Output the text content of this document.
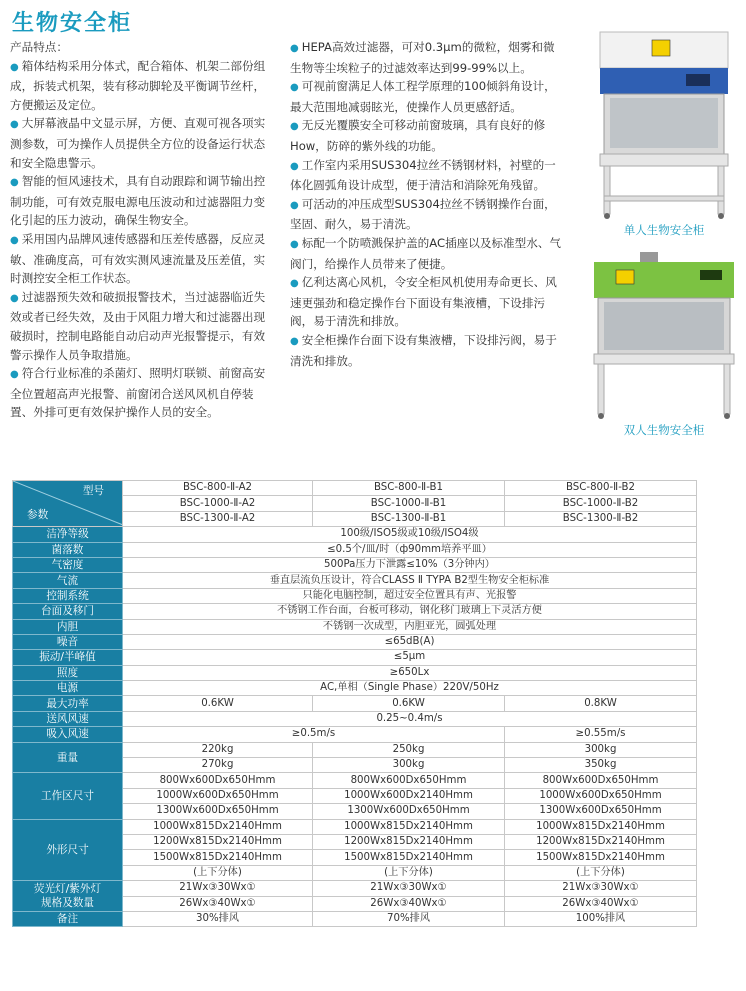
生物安全柜
产品特点：
● 箱体结构采用分体式，配合箱体、机架二部份组成，拆装式机架，装有移动脚轮及平衡调节丝杆，方便搬运及定位。
● 大屏幕液晶中文显示屏，方便、直观可视各项实测参数，可为操作人员提供全方位的设备运行状态和安全隐患警示。
● 智能的恒风速技术，具有自动跟踪和调节输出控制功能，可有效克服电源电压波动和过滤器阻力变化引起的压力波动，确保生物安全。
● 采用国内品牌风速传感器和压差传感器，反应灵敏、准确度高，可有效实测风速流量及压差值，实时测控安全柜工作状态。
● 过滤器预失效和破损报警技术，当过滤器临近失效或者已经失效，及由于风阻力增大和过滤器出现破损时，控制电路能自动启动声光报警提示，有效警示操作人员争取措施。
● 符合行业标准的杀菌灯、照明灯联锁、前窗高安全位置超高声光报警、前窗闭合送风风机自停装置、外排可更有效保护操作人员的安全。
● HEPA高效过滤器，可对0.3μm的微粒，烟雾和微生物等尘埃粒子的过滤效率达到99-99%以上。
● 可视前窗满足人体工程学原理的100倾斜角设计，最大范围地减弱眩光，使操作人员更感舒适。
● 无反光覆膜安全可移动前窗玻璃，具有良好的修How，防碎的紫外线的功能。
● 工作室内采用SUS304拉丝不锈钢材料，衬壁的一体化圆弧角设计成型，便于清洁和消除死角残留。
● 可活动的冲压成型SUS304拉丝不锈钢操作台面，坚固、耐久，易于清洗。
● 标配一个防喷溅保护盖的AC插座以及标准型水、气阀门，给操作人员带来了便捷。
● 亿利达离心风机，令安全柜风机使用寿命更长、风速更强劲和稳定操作台下面设有集液槽，下设排污阀，易于清洗和排放。
● 安全柜操作台面下设有集液槽，下设排污阀，易于清洗和排放。
单人生物安全柜
双人生物安全柜
型号
参数	BSC-800-Ⅱ-A2	BSC-800-Ⅱ-B1	BSC-800-Ⅱ-B2
	BSC-1000-Ⅱ-A2	BSC-1000-Ⅱ-B1	BSC-1000-Ⅱ-B2
	BSC-1300-Ⅱ-A2	BSC-1300-Ⅱ-B1	BSC-1300-Ⅱ-B2
洁净等级	100级/ISO5级或10级/ISO4级		
菌落数	≤0.5个/皿/时（ф90mm培养平皿）		
气密度	500Pa压力下泄露≤10%（3分钟内）		
气流	垂直层流负压设计，符合CLASS Ⅱ TYPA B2型生物安全柜标准		
控制系统	只能化电脑控制，超过安全位置具有声、光报警		
台面及移门	不锈钢工作台面，台板可移动，钢化移门玻璃上下灵活方便		
内胆	不锈钢一次成型，内胆亚光，圆弧处理		
噪音	≤65dB(A)		
振动/半峰值	≤5μm		
照度	≥650Lx		
电源	AC,单相（Single Phase）220V/50Hz		
最大功率	0.6KW	0.6KW	0.8KW
送风风速	0.25~0.4m/s		
吸入风速	≥0.5m/s		≥0.55m/s
重量	220kg	250kg	300kg
	270kg	300kg	350kg
工作区尺寸	800Wx600Dx650Hmm	800Wx600Dx650Hmm	800Wx600Dx650Hmm
	1000Wx600Dx650Hmm	1000Wx600Dx2140Hmm	1000Wx600Dx650Hmm
	1300Wx600Dx650Hmm	1300Wx600Dx650Hmm	1300Wx600Dx650Hmm
外形尺寸	1000Wx815Dx2140Hmm	1000Wx815Dx2140Hmm	1000Wx815Dx2140Hmm
	1200Wx815Dx2140Hmm	1200Wx815Dx2140Hmm	1200Wx815Dx2140Hmm
	1500Wx815Dx2140Hmm	1500Wx815Dx2140Hmm	1500Wx815Dx2140Hmm
	(上下分体)	(上下分体)	(上下分体)

荧光灯/紫外灯
规格及数量	21Wx③30Wx①	21Wx③30Wx①	21Wx③30Wx①
	26Wx③40Wx①	26Wx③40Wx①	26Wx③40Wx①
备注	30%排风	70%排风	100%排风
